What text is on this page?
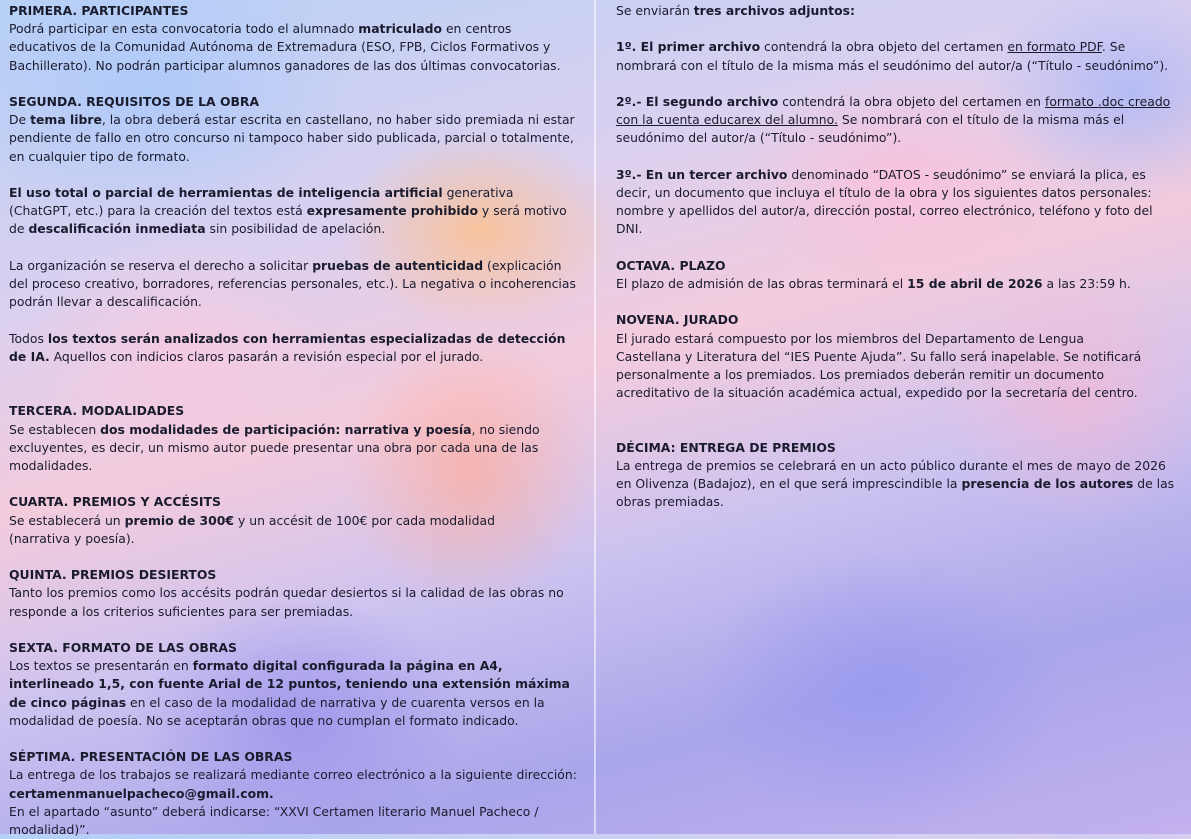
PRIMERA. PARTICIPANTES

Podrá participar en esta convocatoria todo el alumnado matriculado en centros educativos de la Comunidad Autónoma de Extremadura (ESO, FPB, Ciclos Formativos y Bachillerato). No podrán participar alumnos ganadores de las dos últimas convocatorias.

SEGUNDA. REQUISITOS DE LA OBRA

De tema libre, la obra deberá estar escrita en castellano, no haber sido premiada ni estar pendiente de fallo en otro concurso ni tampoco haber sido publicada, parcial o totalmente, en cualquier tipo de formato.

El uso total o parcial de herramientas de inteligencia artificial generativa (ChatGPT, etc.) para la creación del textos está expresamente prohibido y será motivo de descalificación inmediata sin posibilidad de apelación.

La organización se reserva el derecho a solicitar pruebas de autenticidad (explicación del proceso creativo, borradores, referencias personales, etc.). La negativa o incoherencias podrán llevar a descalificación.

Todos los textos serán analizados con herramientas especializadas de detección de IA. Aquellos con indicios claros pasarán a revisión especial por el jurado.

TERCERA. MODALIDADES

Se establecen dos modalidades de participación: narrativa y poesía, no siendo excluyentes, es decir, un mismo autor puede presentar una obra por cada una de las modalidades.

CUARTA. PREMIOS Y ACCÉSITS

Se establecerá un premio de 300€ y un accésit de 100€ por cada modalidad
(narrativa y poesía).

QUINTA. PREMIOS DESIERTOS

Tanto los premios como los accésits podrán quedar desiertos si la calidad de las obras no responde a los criterios suficientes para ser premiadas.

SEXTA. FORMATO DE LAS OBRAS

Los textos se presentarán en formato digital configurada la página en A4, interlineado 1,5, con fuente Arial de 12 puntos, teniendo una extensión máxima de cinco páginas en el caso de la modalidad de narrativa y de cuarenta versos en la modalidad de poesía. No se aceptarán obras que no cumplan el formato indicado.

SÉPTIMA. PRESENTACIÓN DE LAS OBRAS

La entrega de los trabajos se realizará mediante correo electrónico a la siguiente dirección: certamenmanuelpacheco@gmail.com.
En el apartado “asunto” deberá indicarse: “XXVI Certamen literario Manuel Pacheco / modalidad)”.

Se enviarán tres archivos adjuntos:

1º. El primer archivo contendrá la obra objeto del certamen en formato PDF. Se nombrará con el título de la misma más el seudónimo del autor/a (“Título - seudónimo”).

2º.- El segundo archivo contendrá la obra objeto del certamen en formato .doc creado con la cuenta educarex del alumno. Se nombrará con el título de la misma más el seudónimo del autor/a (“Título - seudónimo”).

3º.- En un tercer archivo denominado “DATOS - seudónimo” se enviará la plica, es decir, un documento que incluya el título de la obra y los siguientes datos personales: nombre y apellidos del autor/a, dirección postal, correo electrónico, teléfono y foto del DNI.

OCTAVA. PLAZO

El plazo de admisión de las obras terminará el 15 de abril de 2026 a las 23:59 h.

NOVENA. JURADO

El jurado estará compuesto por los miembros del Departamento de Lengua
Castellana y Literatura del “IES Puente Ajuda”. Su fallo será inapelable. Se notificará personalmente a los premiados. Los premiados deberán remitir un documento acreditativo de la situación académica actual, expedido por la secretaría del centro.

DÉCIMA: ENTREGA DE PREMIOS

La entrega de premios se celebrará en un acto público durante el mes de mayo de 2026 en Olivenza (Badajoz), en el que será imprescindible la presencia de los autores de las obras premiadas.
